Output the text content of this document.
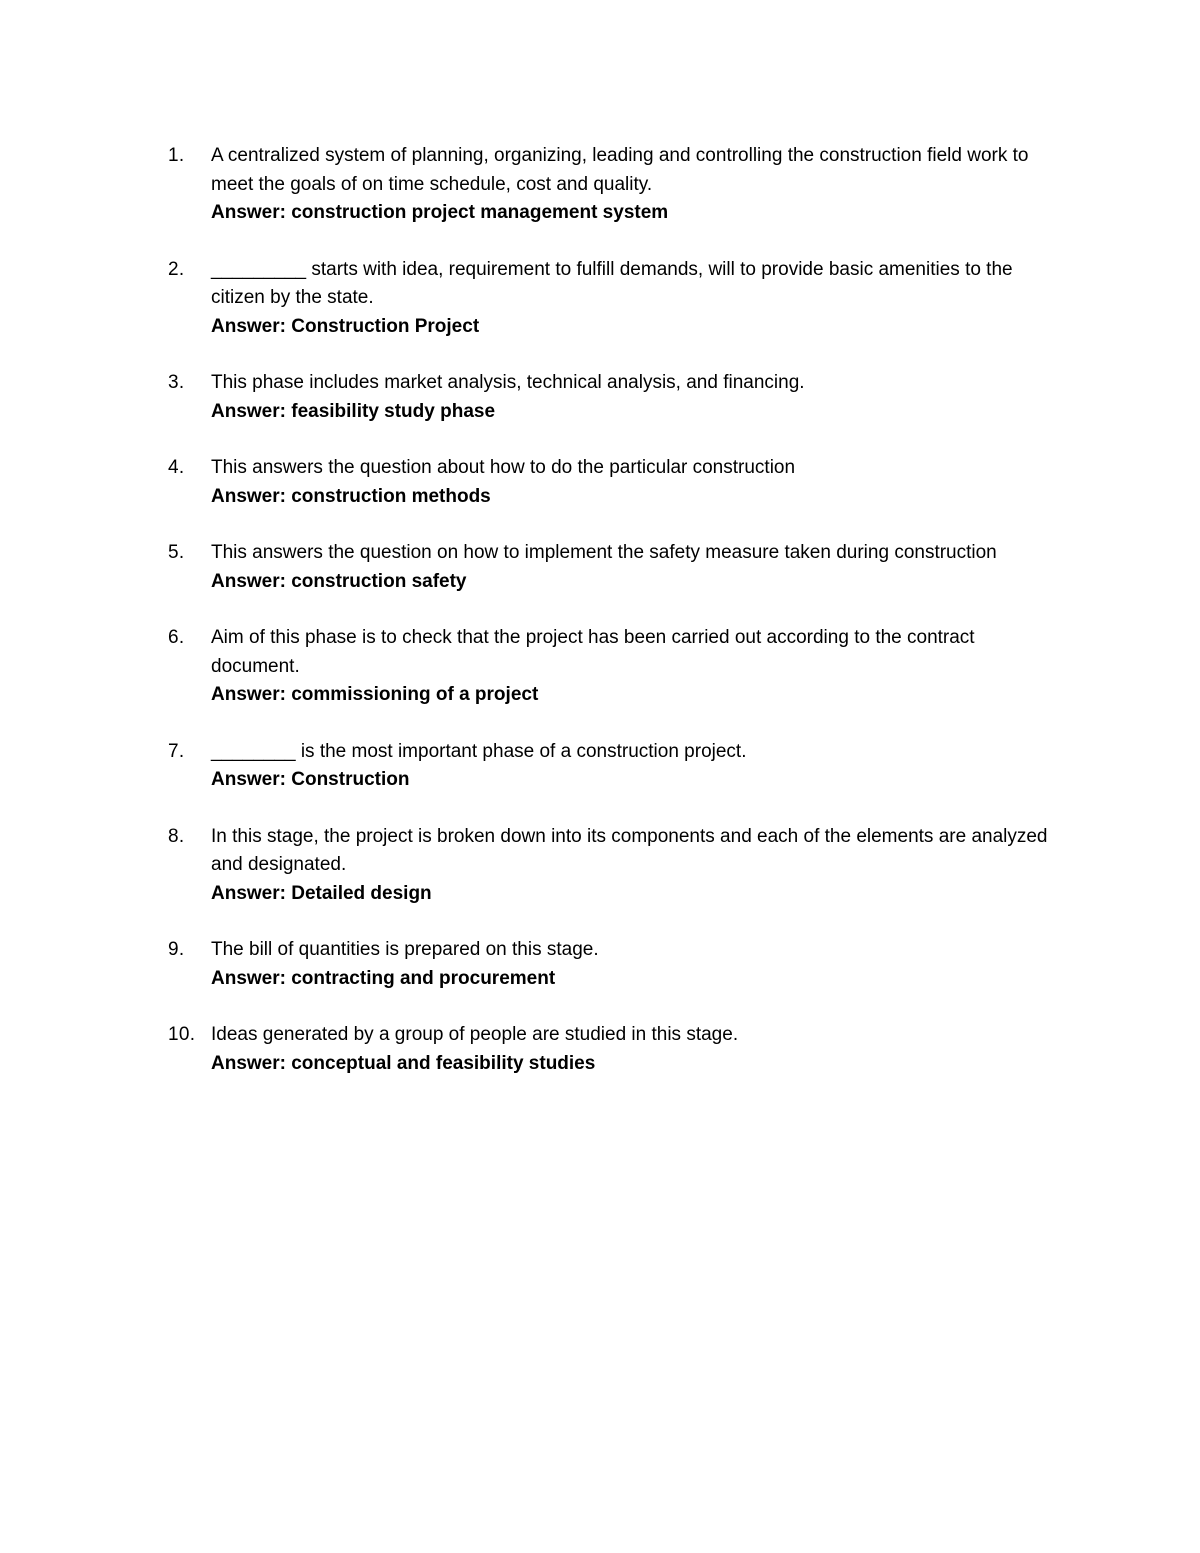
1.	A centralized system of planning, organizing, leading and controlling the construction field work to meet the goals of on time schedule, cost and quality.
Answer: construction project management system
2.	_________ starts with idea, requirement to fulfill demands, will to provide basic amenities to the citizen by the state.
Answer: Construction Project
3.	This phase includes market analysis, technical analysis, and financing.
Answer: feasibility study phase
4.	This answers the question about how to do the particular construction
Answer: construction methods
5.	This answers the question on how to implement the safety measure taken during construction
Answer: construction safety
6.	Aim of this phase is to check that the project has been carried out according to the contract document.
Answer: commissioning of a project
7.	________ is the most important phase of a construction project.
Answer: Construction
8.	In this stage, the project is broken down into its components and each of the elements are analyzed and designated.
Answer: Detailed design
9.	The bill of quantities is prepared on this stage.
Answer: contracting and procurement
10. Ideas generated by a group of people are studied in this stage.
Answer: conceptual and feasibility studies
